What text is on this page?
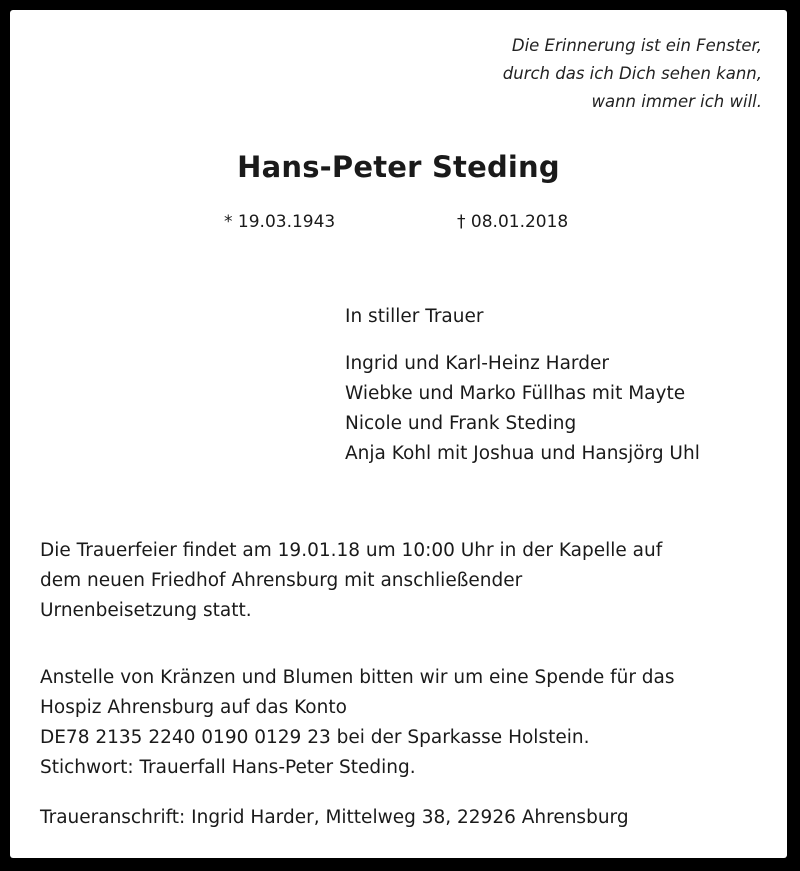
Die Erinnerung ist ein Fenster,
durch das ich Dich sehen kann,
wann immer ich will.
Hans-Peter Steding
* 19.03.1943	† 08.01.2018
In stiller Trauer
Ingrid und Karl-Heinz Harder
Wiebke und Marko Füllhas mit Mayte
Nicole und Frank Steding
Anja Kohl mit Joshua und Hansjörg Uhl
Die Trauerfeier findet am 19.01.18 um 10:00 Uhr in der Kapelle auf
dem neuen Friedhof Ahrensburg mit anschließender
Urnenbeisetzung statt.
Anstelle von Kränzen und Blumen bitten wir um eine Spende für das
Hospiz Ahrensburg auf das Konto
DE78 2135 2240 0190 0129 23 bei der Sparkasse Holstein.
Stichwort: Trauerfall Hans-Peter Steding.
Traueranschrift: Ingrid Harder, Mittelweg 38, 22926 Ahrensburg
